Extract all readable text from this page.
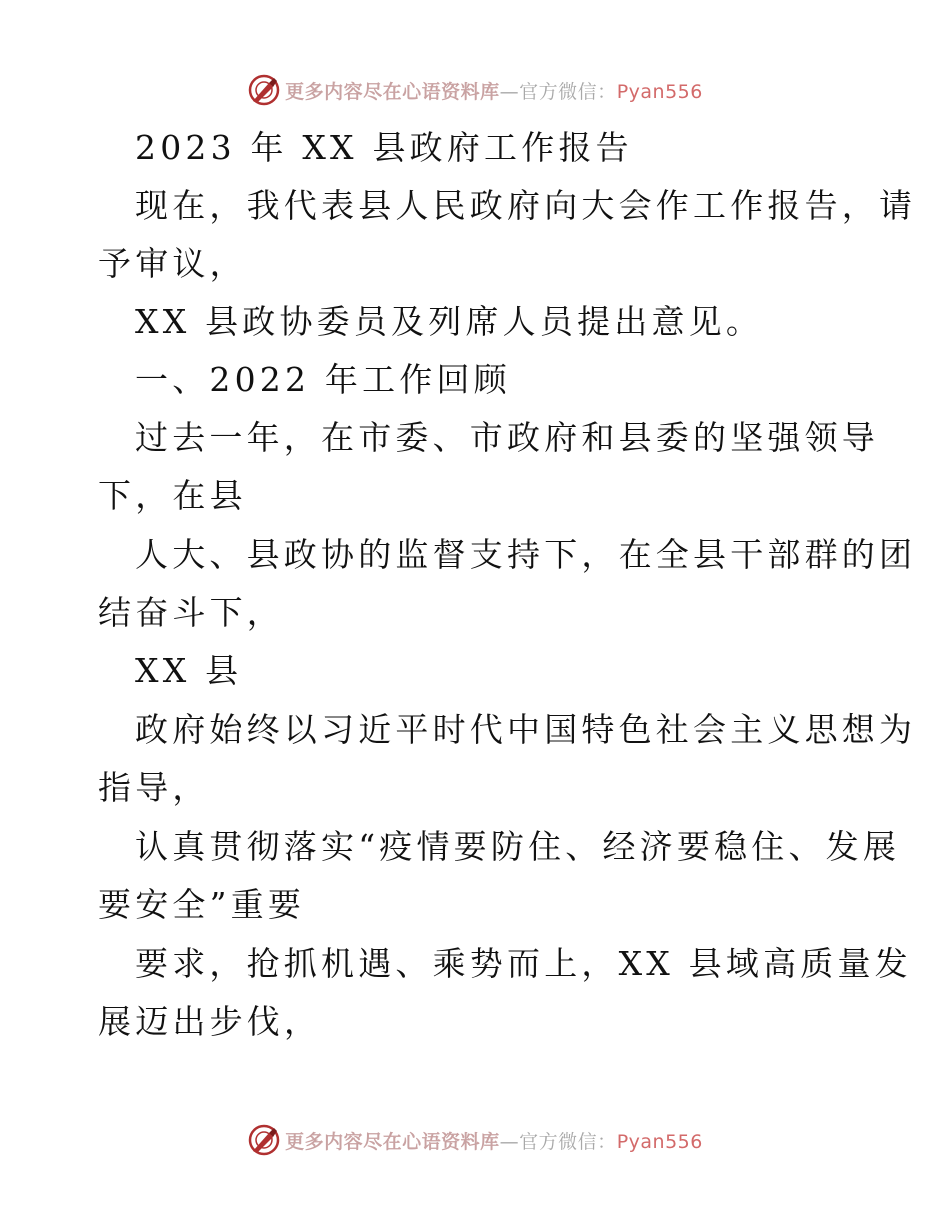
更多内容尽在心语资料库—官方微信：Pyan556
2023 年 XX 县政府工作报告
现在，我代表县人民政府向大会作工作报告，请
予审议，
XX 县政协委员及列席人员提出意见。
一、2022 年工作回顾
过去一年，在市委、市政府和县委的坚强领导
下，在县
人大、县政协的监督支持下，在全县干部群的团
结奋斗下，
XX 县
政府始终以习近平时代中国特色社会主义思想为
指导，
认真贯彻落实“疫情要防住、经济要稳住、发展
要安全”重要
要求，抢抓机遇、乘势而上，XX 县域高质量发
展迈出步伐，
更多内容尽在心语资料库—官方微信：Pyan556
